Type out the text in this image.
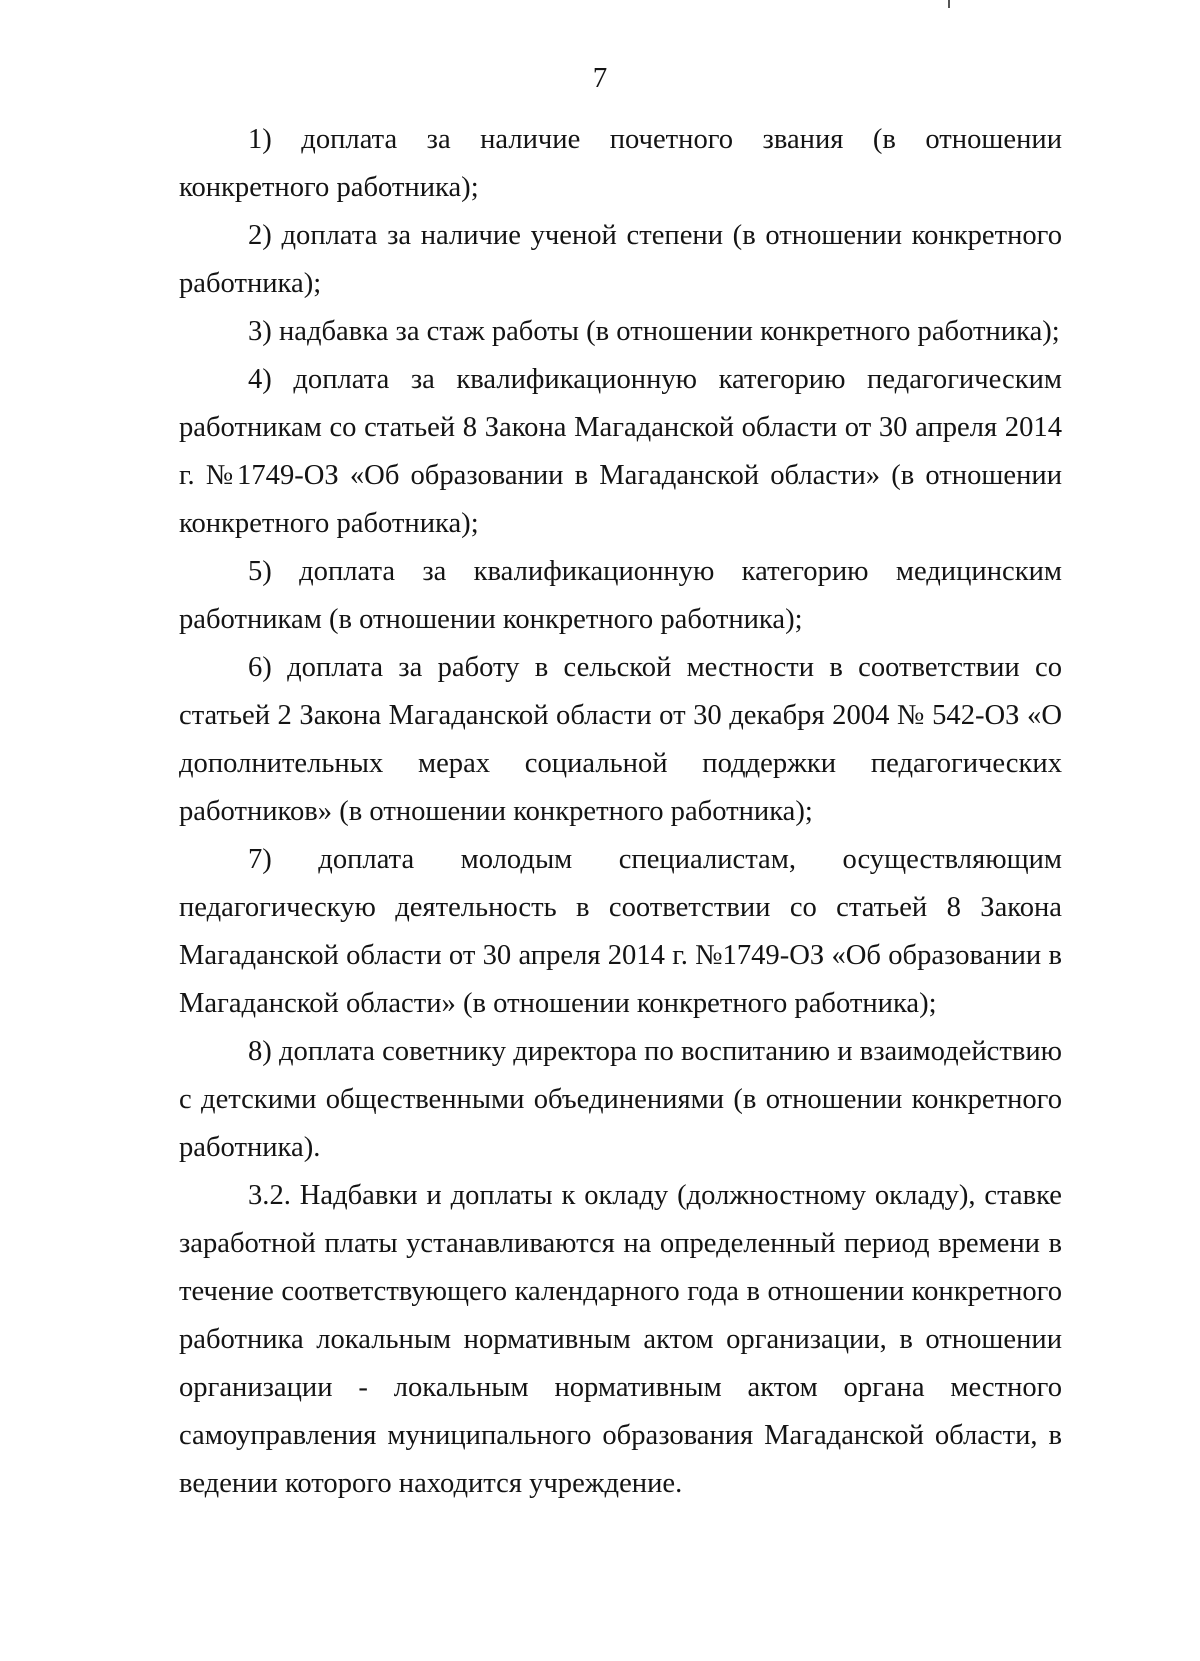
7

1) доплата за наличие почетного звания (в отношении конкретного работника);

2) доплата за наличие ученой степени (в отношении конкретного работника);

3) надбавка за стаж работы (в отношении конкретного работника);

4) доплата за квалификационную категорию педагогическим работникам со статьей 8 Закона Магаданской области от 30 апреля 2014 г. №1749-ОЗ «Об образовании в Магаданской области» (в отношении конкретного работника);

5) доплата за квалификационную категорию медицинским работникам (в отношении конкретного работника);

6) доплата за работу в сельской местности в соответствии со статьей 2 Закона Магаданской области от 30 декабря 2004 № 542-ОЗ «О дополнительных мерах социальной поддержки педагогических работников» (в отношении конкретного работника);

7) доплата молодым специалистам, осуществляющим педагогическую деятельность в соответствии со статьей 8 Закона Магаданской области от 30 апреля 2014 г. №1749-ОЗ «Об образовании в Магаданской области» (в отношении конкретного работника);

8) доплата советнику директора по воспитанию и взаимодействию с детскими общественными объединениями (в отношении конкретного работника).

3.2. Надбавки и доплаты к окладу (должностному окладу), ставке заработной платы устанавливаются на определенный период времени в течение соответствующего календарного года в отношении конкретного работника локальным нормативным актом организации, в отношении организации - локальным нормативным актом органа местного самоуправления муниципального образования Магаданской области, в ведении которого находится учреждение.
